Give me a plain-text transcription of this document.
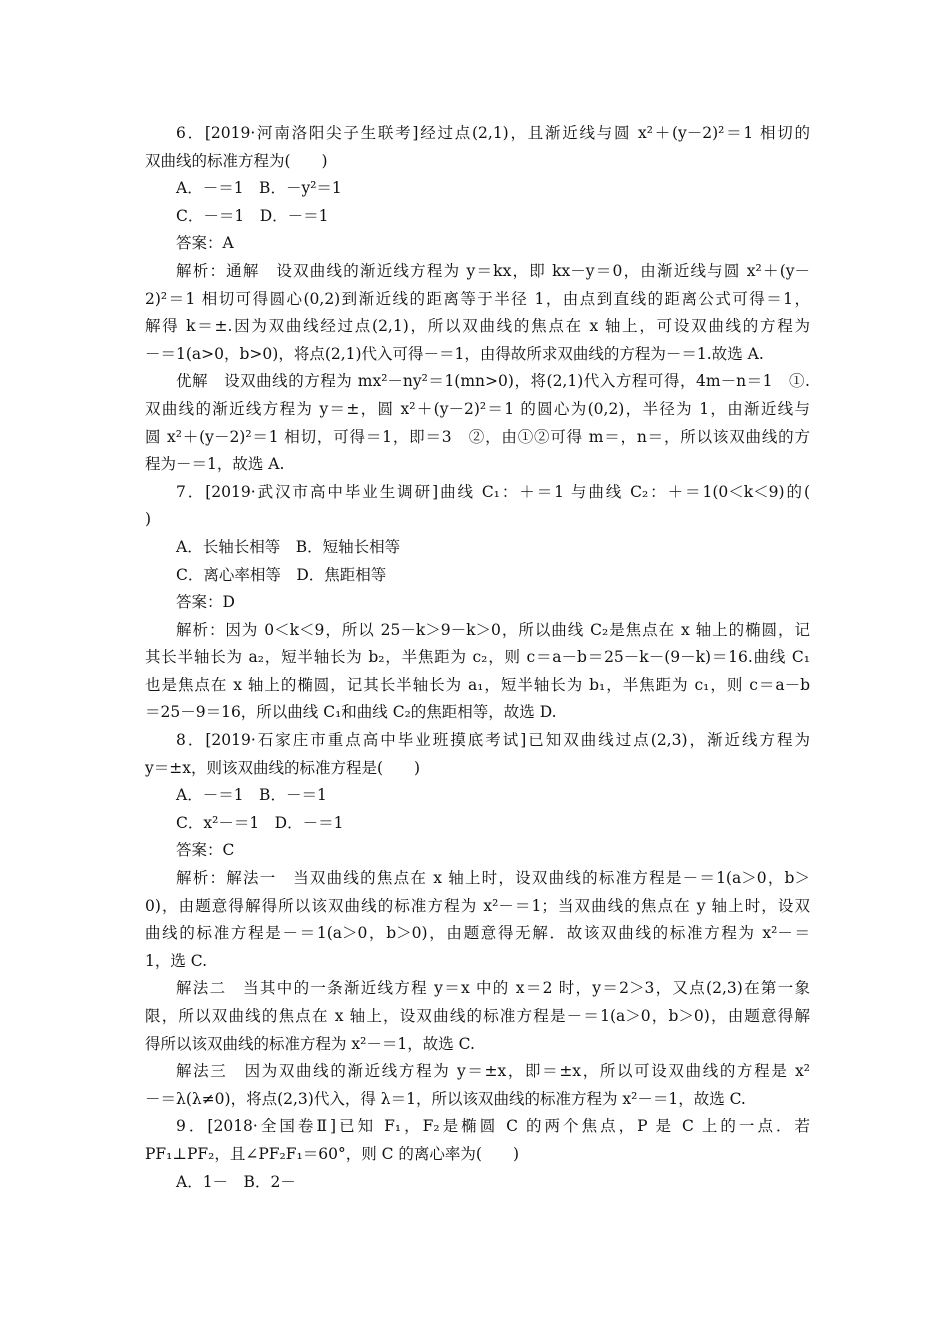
6．[2019·河南洛阳尖子生联考]经过点(2,1)，且渐近线与圆 x²＋(y－2)²＝1 相切的
双曲线的标准方程为(　　)
A．－＝1　B．－y²＝1
C．－＝1　D．－＝1
答案：A
解析：通解　设双曲线的渐近线方程为 y＝kx，即 kx－y＝0，由渐近线与圆 x²＋(y－
2)²＝1 相切可得圆心(0,2)到渐近线的距离等于半径 1，由点到直线的距离公式可得＝1，
解得 k＝±.因为双曲线经过点(2,1)，所以双曲线的焦点在 x 轴上，可设双曲线的方程为
－＝1(a>0，b>0)，将点(2,1)代入可得－＝1，由得故所求双曲线的方程为－＝1.故选 A.
优解　设双曲线的方程为 mx²－ny²＝1(mn>0)，将(2,1)代入方程可得，4m－n＝1　①.
双曲线的渐近线方程为 y＝±，圆 x²＋(y－2)²＝1 的圆心为(0,2)，半径为 1，由渐近线与
圆 x²＋(y－2)²＝1 相切，可得＝1，即＝3　②，由①②可得 m＝，n＝，所以该双曲线的方
程为－＝1，故选 A.
7．[2019·武汉市高中毕业生调研]曲线 C₁：＋＝1 与曲线 C₂：＋＝1(0＜k＜9)的(
)
A．长轴长相等　B．短轴长相等
C．离心率相等　D．焦距相等
答案：D
解析：因为 0＜k＜9，所以 25－k＞9－k＞0，所以曲线 C₂是焦点在 x 轴上的椭圆，记
其长半轴长为 a₂，短半轴长为 b₂，半焦距为 c₂，则 c＝a－b＝25－k－(9－k)＝16.曲线 C₁
也是焦点在 x 轴上的椭圆，记其长半轴长为 a₁，短半轴长为 b₁，半焦距为 c₁，则 c＝a－b
＝25－9＝16，所以曲线 C₁和曲线 C₂的焦距相等，故选 D.
8．[2019·石家庄市重点高中毕业班摸底考试]已知双曲线过点(2,3)，渐近线方程为
y＝±x，则该双曲线的标准方程是(　　)
A．－＝1　B．－＝1
C．x²－＝1　D．－＝1
答案：C
解析：解法一　当双曲线的焦点在 x 轴上时，设双曲线的标准方程是－＝1(a＞0，b＞
0)，由题意得解得所以该双曲线的标准方程为 x²－＝1；当双曲线的焦点在 y 轴上时，设双
曲线的标准方程是－＝1(a＞0，b＞0)，由题意得无解．故该双曲线的标准方程为 x²－＝
1，选 C.
解法二　当其中的一条渐近线方程 y＝x 中的 x＝2 时，y＝2＞3，又点(2,3)在第一象
限，所以双曲线的焦点在 x 轴上，设双曲线的标准方程是－＝1(a＞0，b＞0)，由题意得解
得所以该双曲线的标准方程为 x²－＝1，故选 C.
解法三　因为双曲线的渐近线方程为 y＝±x，即＝±x，所以可设双曲线的方程是 x²
－＝λ(λ≠0)，将点(2,3)代入，得 λ＝1，所以该双曲线的标准方程为 x²－＝1，故选 C.
9．[2018·全国卷Ⅱ]已知 F₁，F₂是椭圆 C 的两个焦点，P 是 C 上的一点．若
PF₁⊥PF₂，且∠PF₂F₁＝60°，则 C 的离心率为(　　)
A．1－　B．2－
